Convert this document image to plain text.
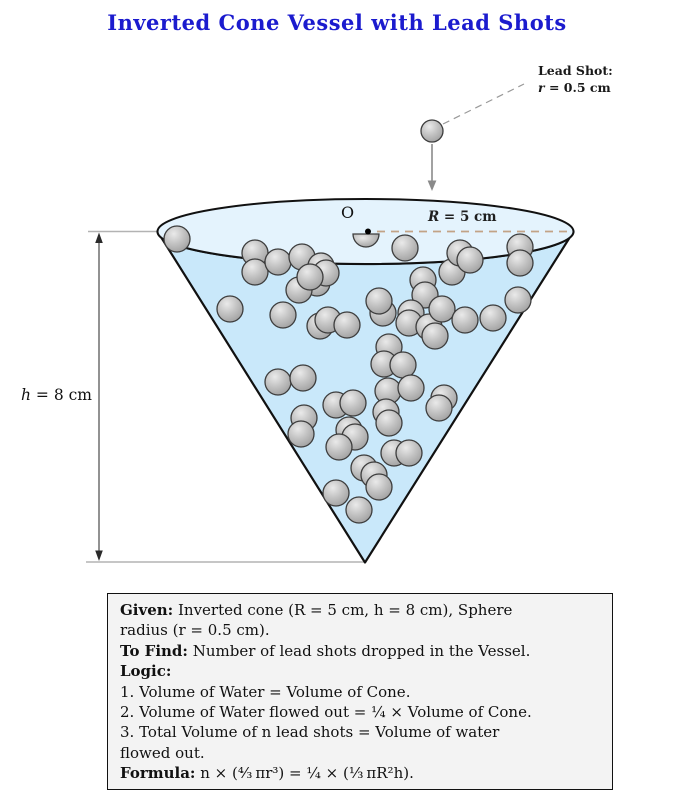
Inverted Cone Vessel with Lead Shots
Lead Shot:
r = 0.5 cm
R = 5 cm
O
h = 8 cm
Given: Inverted cone (R = 5 cm, h = 8 cm), Sphere
radius (r = 0.5 cm).
To Find: Number of lead shots dropped in the Vessel.
Logic:
1. Volume of Water = Volume of Cone.
2. Volume of Water flowed out = ¼ × Volume of Cone.
3. Total Volume of n lead shots = Volume of water
flowed out.
Formula: n × (⁴⁄₃ πr³) = ¼ × (⅓ πR²h).
